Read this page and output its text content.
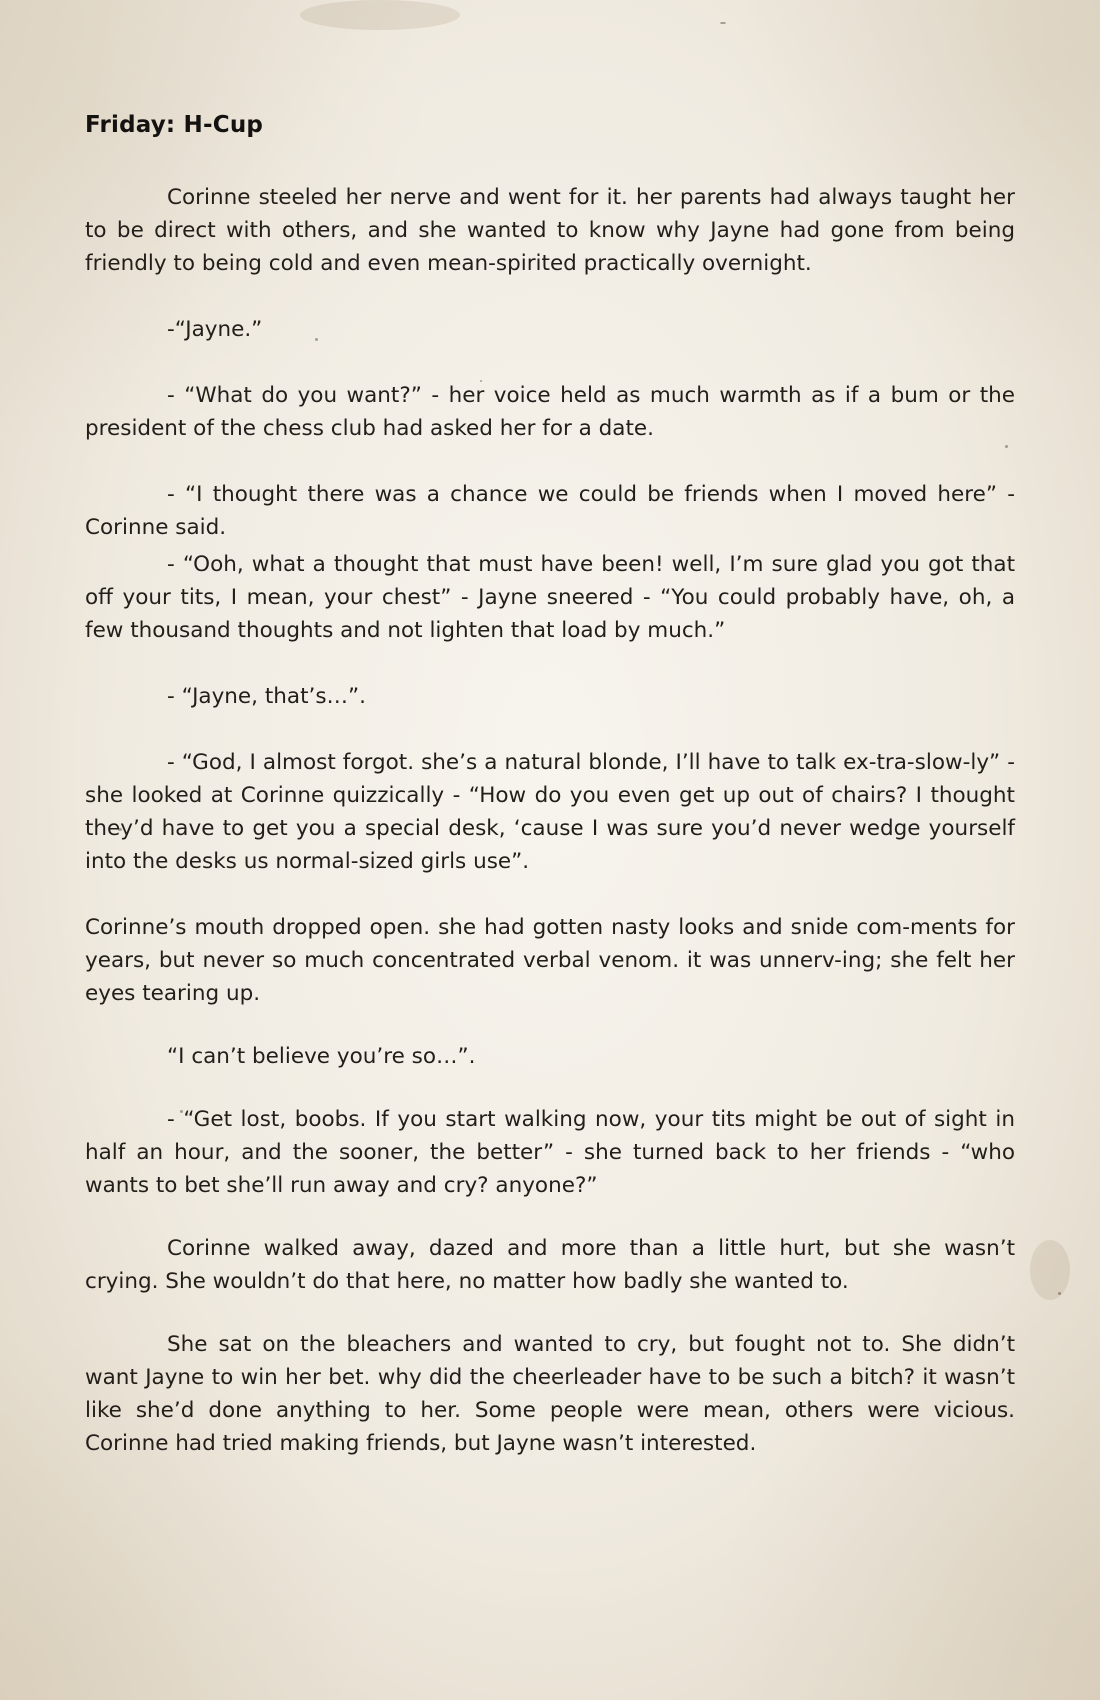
Friday: H-Cup

Corinne steeled her nerve and went for it. her parents had always taught her to be direct with others, and she wanted to know why Jayne had gone from being friendly to being cold and even mean-spirited practically overnight.

-“Jayne.”

- “What do you want?” - her voice held as much warmth as if a bum or the president of the chess club had asked her for a date.

- “I thought there was a chance we could be friends when I moved here” - Corinne said.

- “Ooh, what a thought that must have been! well, I’m sure glad you got that off your tits, I mean, your chest” - Jayne sneered - “You could probably have, oh, a few thousand thoughts and not lighten that load by much.”

- “Jayne, that’s…”.

- “God, I almost forgot. she’s a natural blonde, I’ll have to talk ex-tra-slow-ly” - she looked at Corinne quizzically - “How do you even get up out of chairs? I thought they’d have to get you a special desk, ‘cause I was sure you’d never wedge yourself into the desks us normal-sized girls use”.

Corinne’s mouth dropped open. she had gotten nasty looks and snide com-ments for years, but never so much concentrated verbal venom. it was unnerv-ing; she felt her eyes tearing up.

“I can’t believe you’re so…”.

- “Get lost, boobs. If you start walking now, your tits might be out of sight in half an hour, and the sooner, the better” - she turned back to her friends - “who wants to bet she’ll run away and cry? anyone?”

Corinne walked away, dazed and more than a little hurt, but she wasn’t crying. She wouldn’t do that here, no matter how badly she wanted to.

She sat on the bleachers and wanted to cry, but fought not to. She didn’t want Jayne to win her bet. why did the cheerleader have to be such a bitch? it wasn’t like she’d done anything to her. Some people were mean, others were vicious. Corinne had tried making friends, but Jayne wasn’t interested.
